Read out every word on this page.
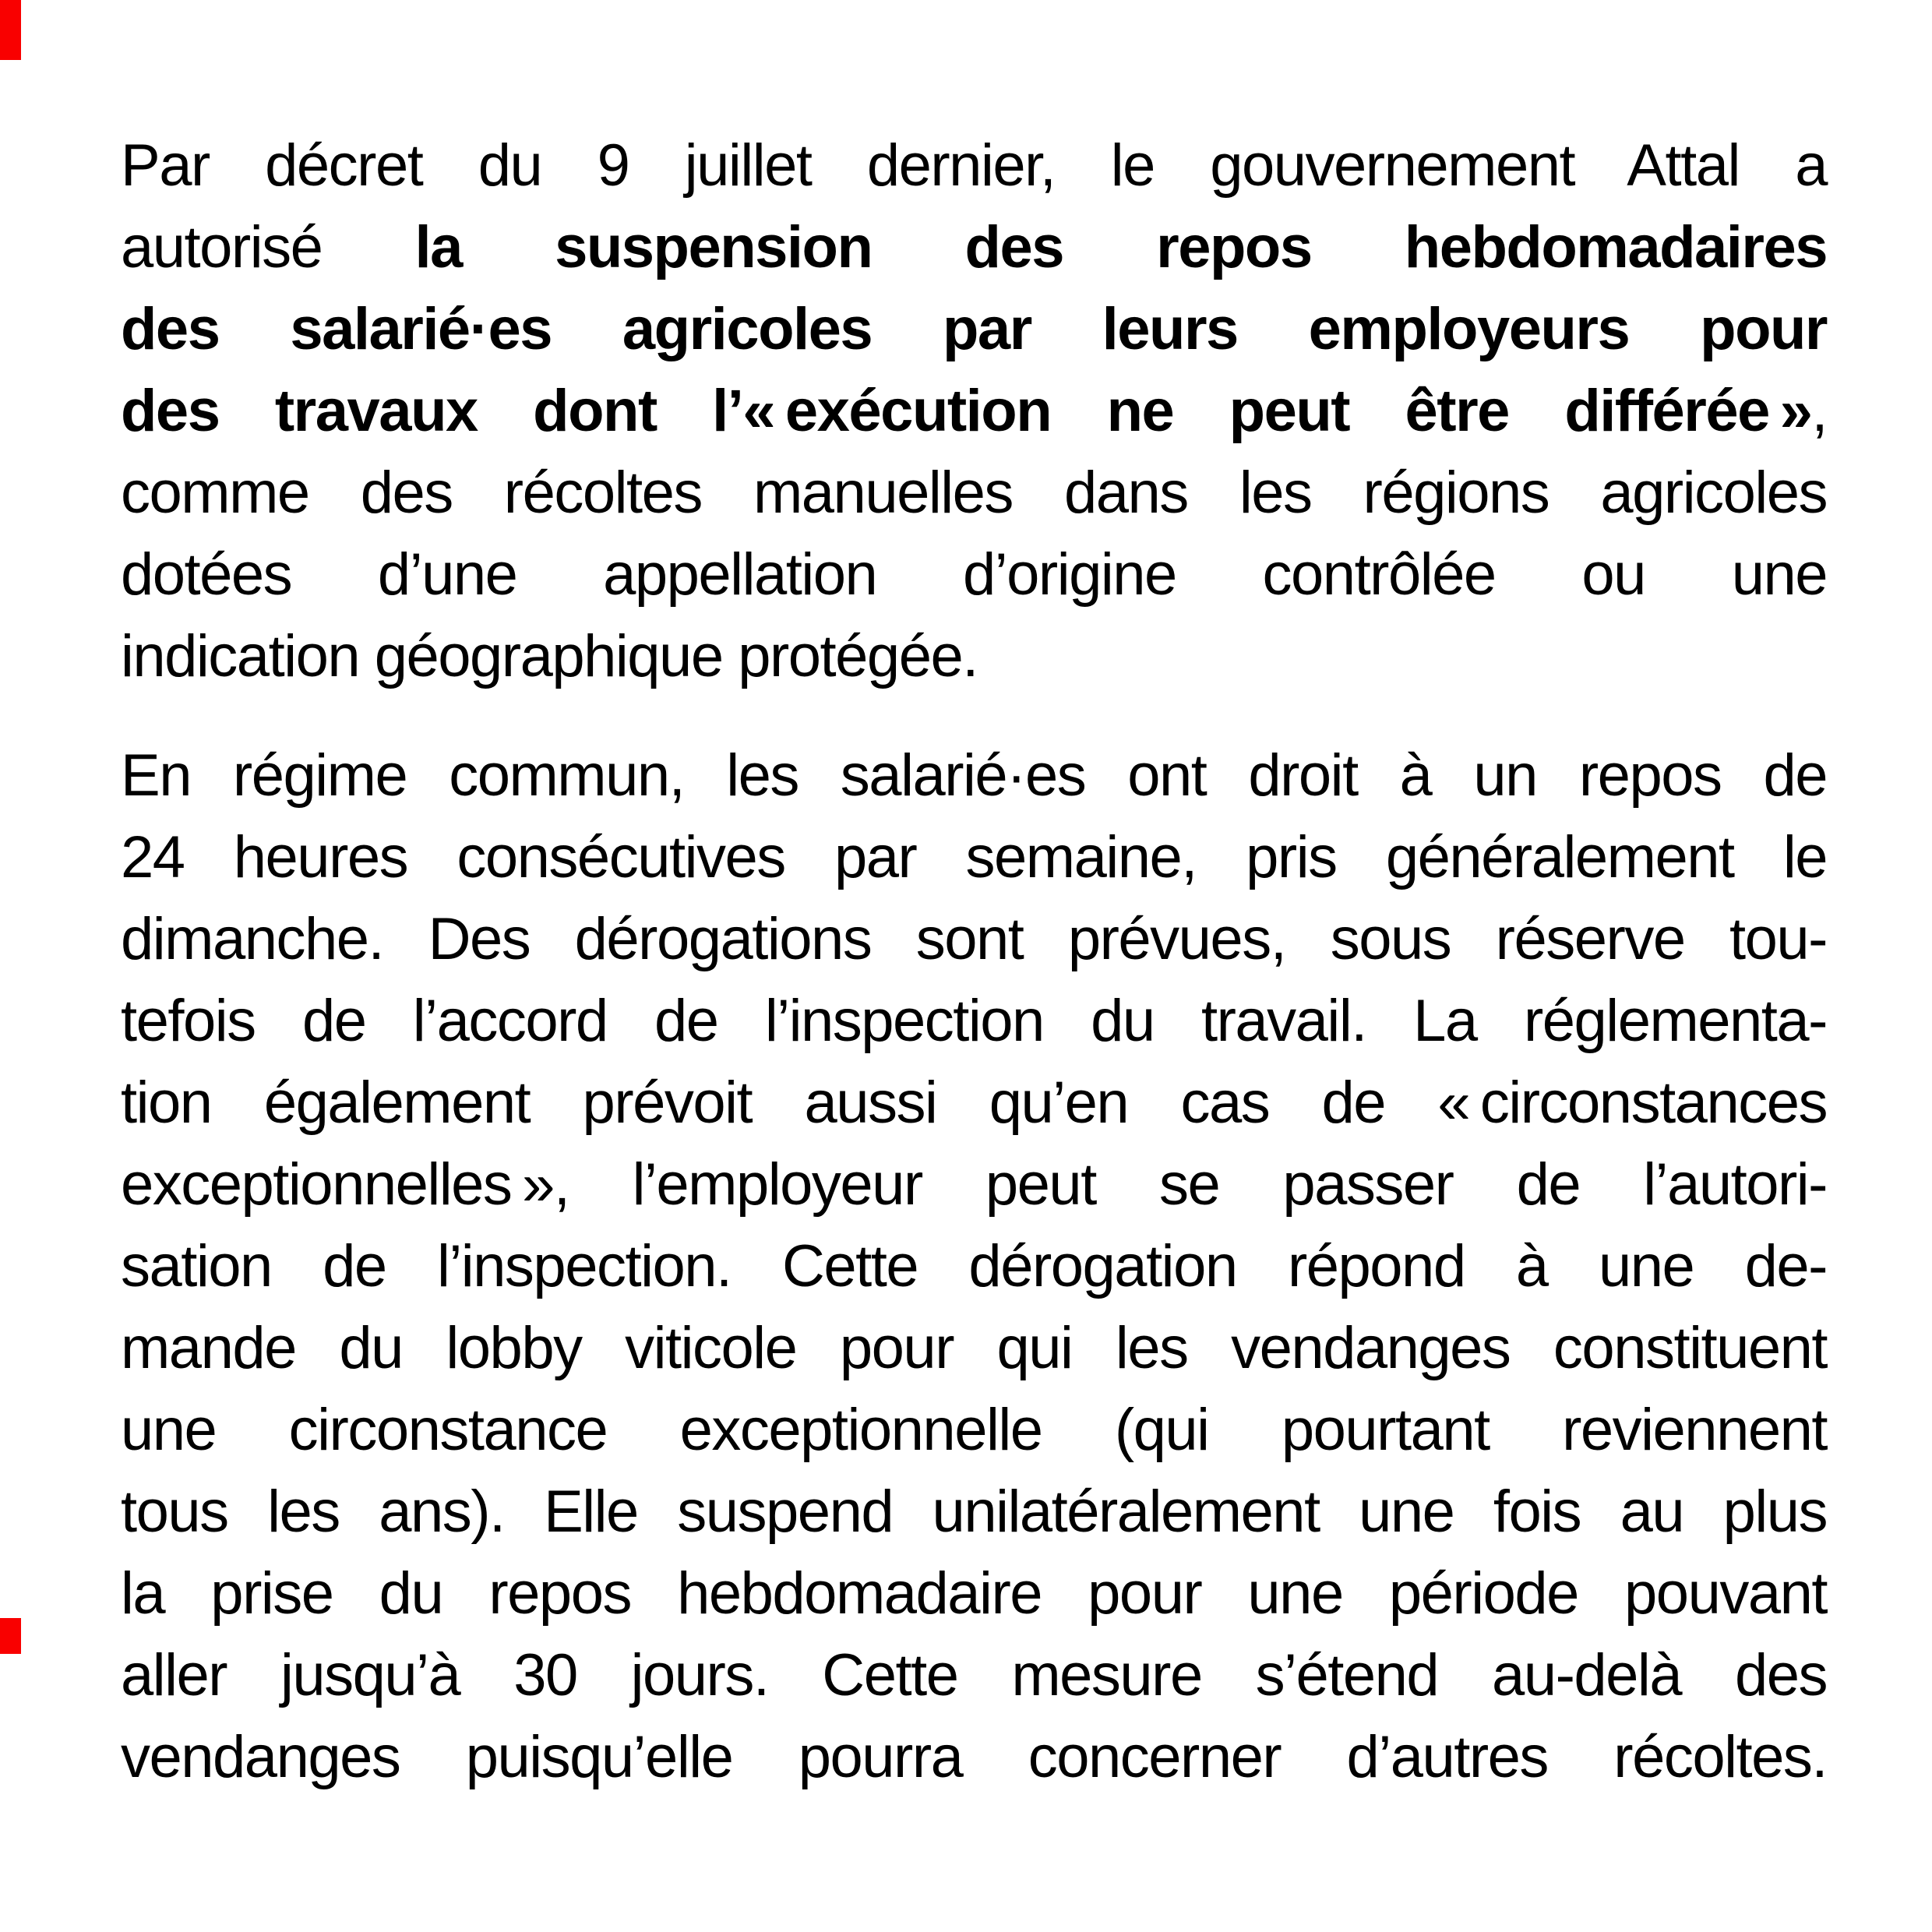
Par décret du 9 juillet dernier, le gouvernement Attal a
autorisé la suspension des repos hebdomadaires
des salarié·es agricoles par leurs employeurs pour
des travaux dont l’« exécution ne peut être différée »,
comme des récoltes manuelles dans les régions agricoles
dotées d’une appellation d’origine contrôlée ou une
indication géographique protégée.
En régime commun, les salarié·es ont droit à un repos de
24 heures consécutives par semaine, pris généralement le
dimanche. Des dérogations sont prévues, sous réserve tou-
tefois de l’accord de l’inspection du travail. La réglementa-
tion également prévoit aussi qu’en cas de « circonstances
exceptionnelles », l’employeur peut se passer de l’autori-
sation de l’inspection. Cette dérogation répond à une de-
mande du lobby viticole pour qui les vendanges constituent
une circonstance exceptionnelle (qui pourtant reviennent
tous les ans). Elle suspend unilatéralement une fois au plus
la prise du repos hebdomadaire pour une période pouvant
aller jusqu’à 30 jours. Cette mesure s’étend au-delà des
vendanges puisqu’elle pourra concerner d’autres récoltes.
